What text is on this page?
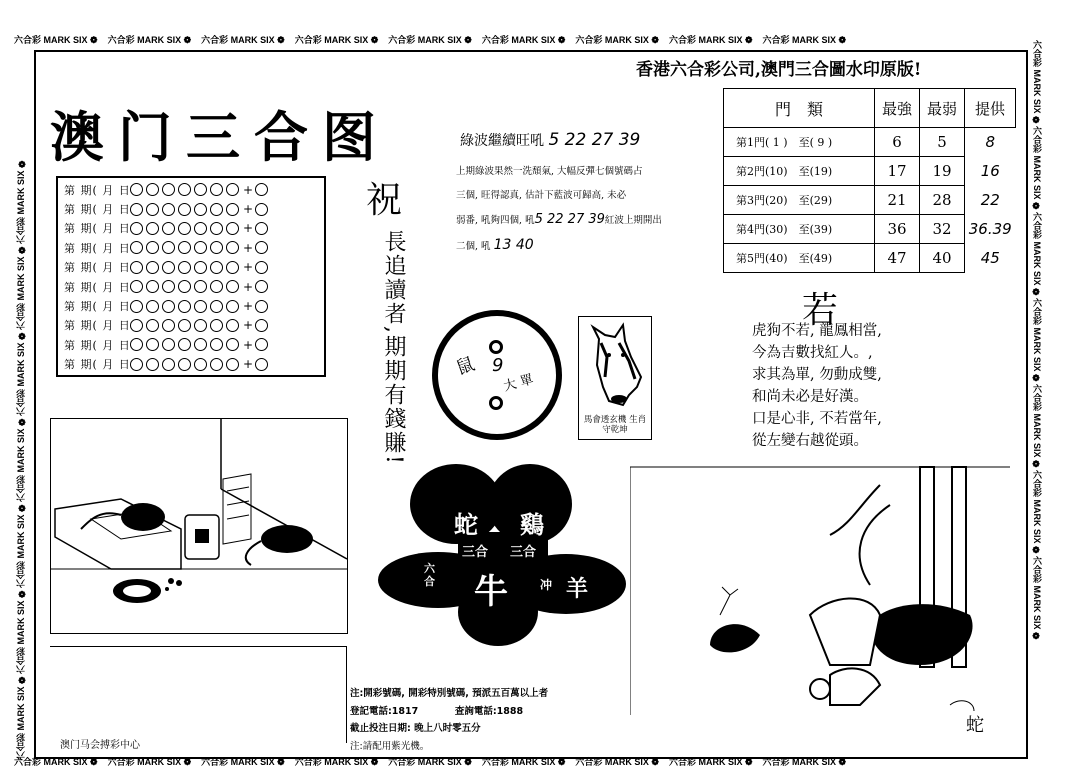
六合彩 MARK SIX ❁ 六合彩 MARK SIX ❁ 六合彩 MARK SIX ❁ 六合彩 MARK SIX ❁ 六合彩 MARK SIX ❁ 六合彩 MARK SIX ❁ 六合彩 MARK SIX ❁ 六合彩 MARK SIX ❁ 六合彩 MARK SIX ❁
六合彩 MARK SIX ❁ 六合彩 MARK SIX ❁ 六合彩 MARK SIX ❁ 六合彩 MARK SIX ❁ 六合彩 MARK SIX ❁ 六合彩 MARK SIX ❁ 六合彩 MARK SIX ❁ 六合彩 MARK SIX ❁ 六合彩 MARK SIX ❁
六合彩 MARK SIX ❁六合彩 MARK SIX ❁六合彩 MARK SIX ❁六合彩 MARK SIX ❁六合彩 MARK SIX ❁六合彩 MARK SIX ❁六合彩 MARK SIX ❁
六合彩 MARK SIX ❁六合彩 MARK SIX ❁六合彩 MARK SIX ❁六合彩 MARK SIX ❁六合彩 MARK SIX ❁六合彩 MARK SIX ❁六合彩 MARK SIX ❁
澳门三合图
香港六合彩公司,澳門三合圖水印原版!
第 期( 月 日	+
第 期( 月 日	+
第 期( 月 日	+
第 期( 月 日	+
第 期( 月 日	+
第 期( 月 日	+
第 期( 月 日	+
第 期( 月 日	+
第 期( 月 日	+
第 期( 月 日	+
祝
長追讀者,期期有錢賺!
綠波繼續旺吼 5 22 27 39
上期綠波果然一洗頹氣, 大幅反彈七個號碼占
三個, 旺得認真, 估計下藍波可歸高, 未必
弱番, 吼夠四個, 吼5 22 27 39紅波上期開出
二個, 吼 13 40
門　類	最強	最弱	提供
第1門( 1 )　至( 9 )	6	5	8
第2門(10)　至(19)	17	19	16
第3門(20)　至(29)	21	28	22
第4門(30)　至(39)	36	32	36.39
第5門(40)　至(49)	47	40	45
若
虎狗不若, 龍鳳相當,
今為吉數找紅人。,
求其為單, 勿動成雙,
和尚未必是好漢。
口是心非, 不若當年,
從左變右越從頭。
9
鼠
大 單
馬會透玄機 生肖守乾坤
蛇 鷄
三合 三合
牛
六合	冲 羊
蛇
澳门马会搏彩中心
注:開彩號碼, 開彩特別號碼, 預派五百萬以上者
登記電話:1817	查詢電話:1888
截止投注日期: 晚上八时零五分
注:請配用紫光機。
